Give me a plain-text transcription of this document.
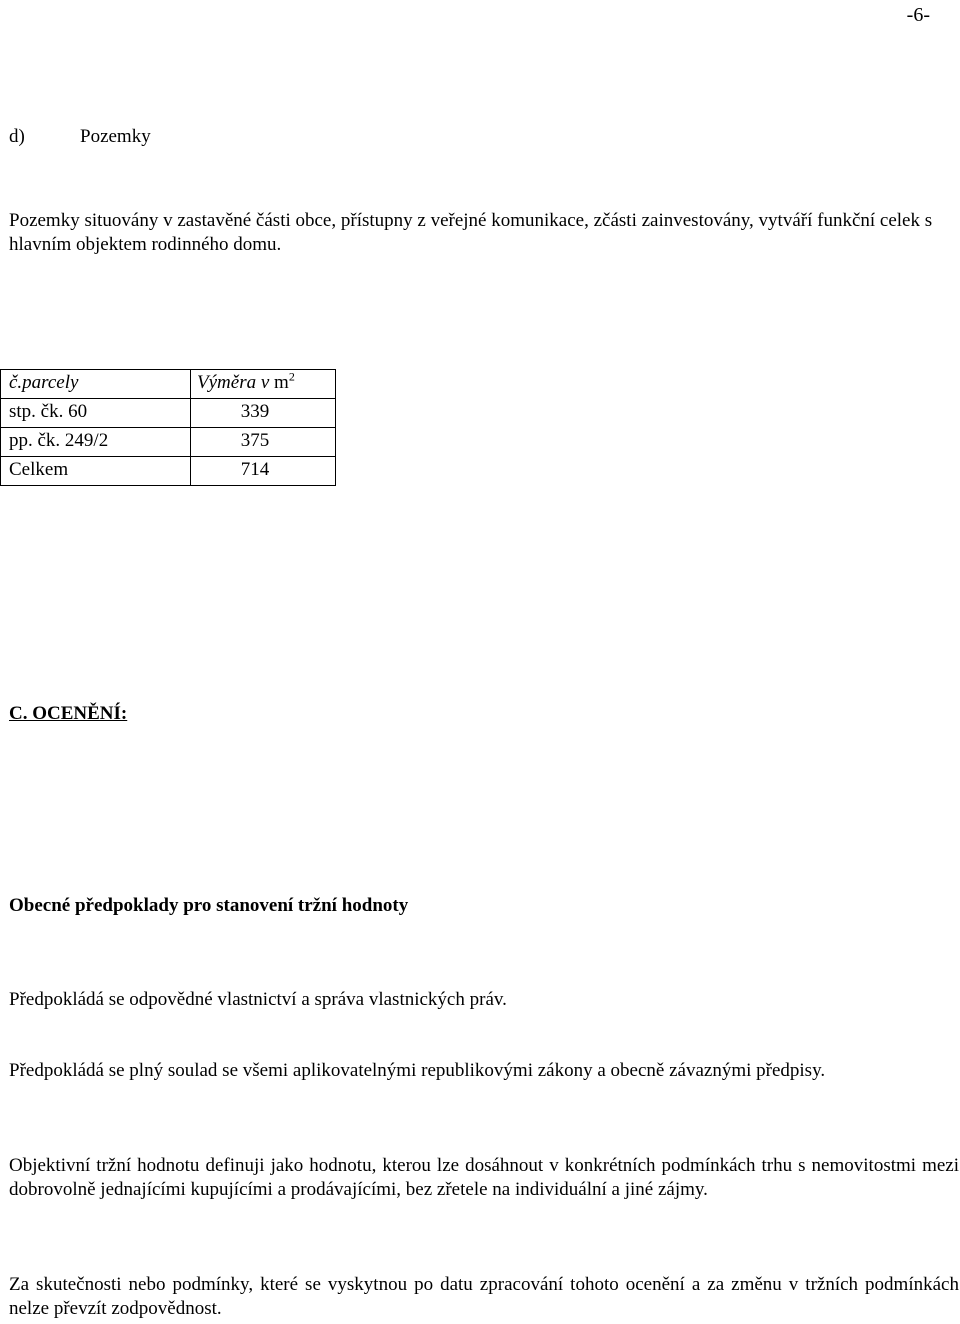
-6-
d)	Pozemky
Pozemky situovány v zastavěné části obce, přístupny z veřejné komunikace, zčásti zainvestovány, vytváří funkční celek s hlavním objektem rodinného domu.
č.parcely	Výměra v $m^2$
stp. čk. 60	339
pp. čk. 249/2	375
Celkem	714
C. OCENĚNÍ:
Obecné předpoklady pro stanovení tržní hodnoty
Předpokládá se odpovědné vlastnictví a správa vlastnických práv.
Předpokládá se plný soulad se všemi aplikovatelnými republikovými zákony a obecně závaznými předpisy.
Objektivní tržní hodnotu definuji jako hodnotu, kterou lze dosáhnout v konkrétních podmínkách trhu s nemovitostmi mezi dobrovolně jednajícími kupujícími a prodávajícími, bez zřetele na individuální a jiné zájmy.
Za skutečnosti nebo podmínky, které se vyskytnou po datu zpracování tohoto ocenění a za změnu v tržních podmínkách nelze převzít zodpovědnost.
